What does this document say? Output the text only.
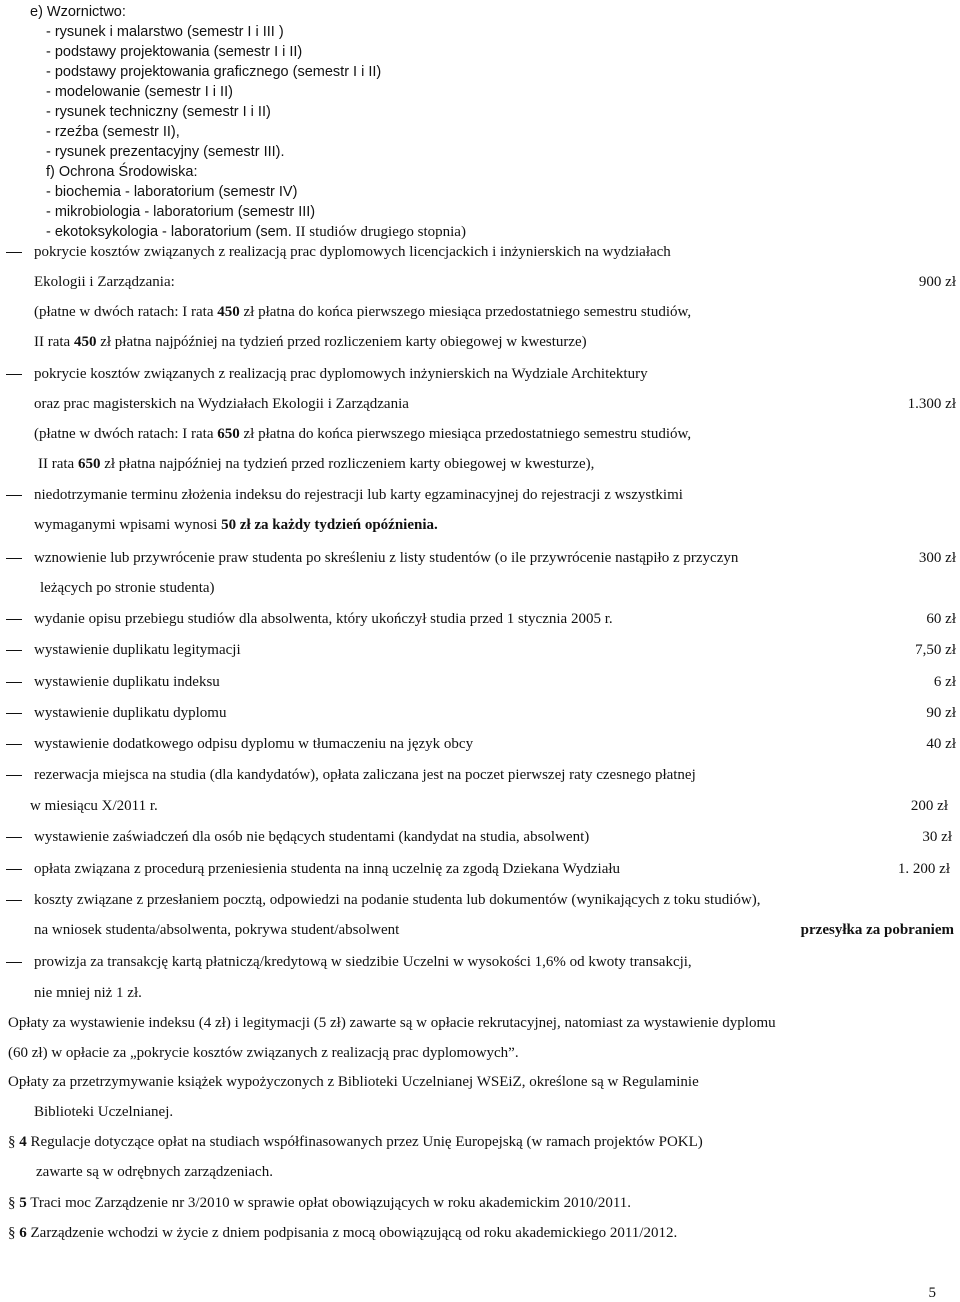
e) Wzornictwo:
- rysunek i malarstwo (semestr I i III )
- podstawy projektowania (semestr I i II)
- podstawy projektowania graficznego (semestr I i II)
- modelowanie (semestr I i II)
- rysunek techniczny (semestr I i II)
- rzeźba (semestr II),
- rysunek prezentacyjny (semestr III).
f) Ochrona Środowiska:
- biochemia - laboratorium (semestr IV)
- mikrobiologia - laboratorium (semestr III)
- ekotoksykologia - laboratorium (sem. II studiów drugiego stopnia)
pokrycie kosztów związanych z realizacją prac dyplomowych licencjackich i inżynierskich na wydziałach
Ekologii i Zarządzania:	900 zł
(płatne w dwóch ratach: I rata 450 zł płatna do końca pierwszego miesiąca przedostatniego semestru studiów,
II rata 450 zł płatna najpóźniej na tydzień przed rozliczeniem karty obiegowej w kwesturze)
pokrycie kosztów związanych z realizacją prac dyplomowych inżynierskich na Wydziale Architektury
oraz prac magisterskich na Wydziałach Ekologii i Zarządzania	1.300 zł
(płatne w dwóch ratach: I rata 650 zł płatna do końca pierwszego miesiąca przedostatniego semestru studiów,
II rata 650 zł płatna najpóźniej na tydzień przed rozliczeniem karty obiegowej w kwesturze),
niedotrzymanie terminu złożenia indeksu do rejestracji lub karty egzaminacyjnej do rejestracji z wszystkimi
wymaganymi wpisami wynosi 50 zł za każdy tydzień opóźnienia.
wznowienie lub przywrócenie praw studenta po skreśleniu z listy studentów (o ile przywrócenie nastąpiło z przyczyn	300 zł
leżących po stronie studenta)
wydanie opisu przebiegu studiów dla absolwenta, który ukończył studia przed 1 stycznia 2005 r.	60 zł
wystawienie duplikatu legitymacji	7,50 zł
wystawienie duplikatu indeksu	6 zł
wystawienie duplikatu dyplomu	90 zł
wystawienie dodatkowego odpisu dyplomu w tłumaczeniu na język obcy	40 zł
rezerwacja miejsca na studia (dla kandydatów), opłata zaliczana jest na poczet pierwszej raty czesnego płatnej
w miesiącu X/2011 r.	200 zł
wystawienie zaświadczeń dla osób nie będących studentami (kandydat na studia, absolwent)	30 zł
opłata związana z procedurą przeniesienia studenta na inną uczelnię za zgodą Dziekana Wydziału	1. 200 zł
koszty związane z przesłaniem pocztą, odpowiedzi na podanie studenta lub dokumentów (wynikających z toku studiów),
na wniosek studenta/absolwenta, pokrywa student/absolwent	przesyłka za pobraniem
prowizja za transakcję kartą płatniczą/kredytową w siedzibie Uczelni w wysokości 1,6% od kwoty transakcji,
nie mniej niż 1 zł.
Opłaty za wystawienie indeksu (4 zł) i legitymacji (5 zł) zawarte są w opłacie rekrutacyjnej, natomiast za wystawienie dyplomu
(60 zł) w opłacie za „pokrycie kosztów związanych z realizacją prac dyplomowych”.
Opłaty za przetrzymywanie książek wypożyczonych z Biblioteki Uczelnianej WSEiZ, określone są w Regulaminie
Biblioteki Uczelnianej.
§ 4 Regulacje dotyczące opłat na studiach współfinasowanych przez Unię Europejską (w ramach projektów POKL)
zawarte są w odrębnych zarządzeniach.
§ 5 Traci moc Zarządzenie nr 3/2010 w sprawie opłat obowiązujących w roku akademickim 2010/2011.
§ 6 Zarządzenie wchodzi w życie z dniem podpisania z mocą obowiązującą od roku akademickiego 2011/2012.
5
